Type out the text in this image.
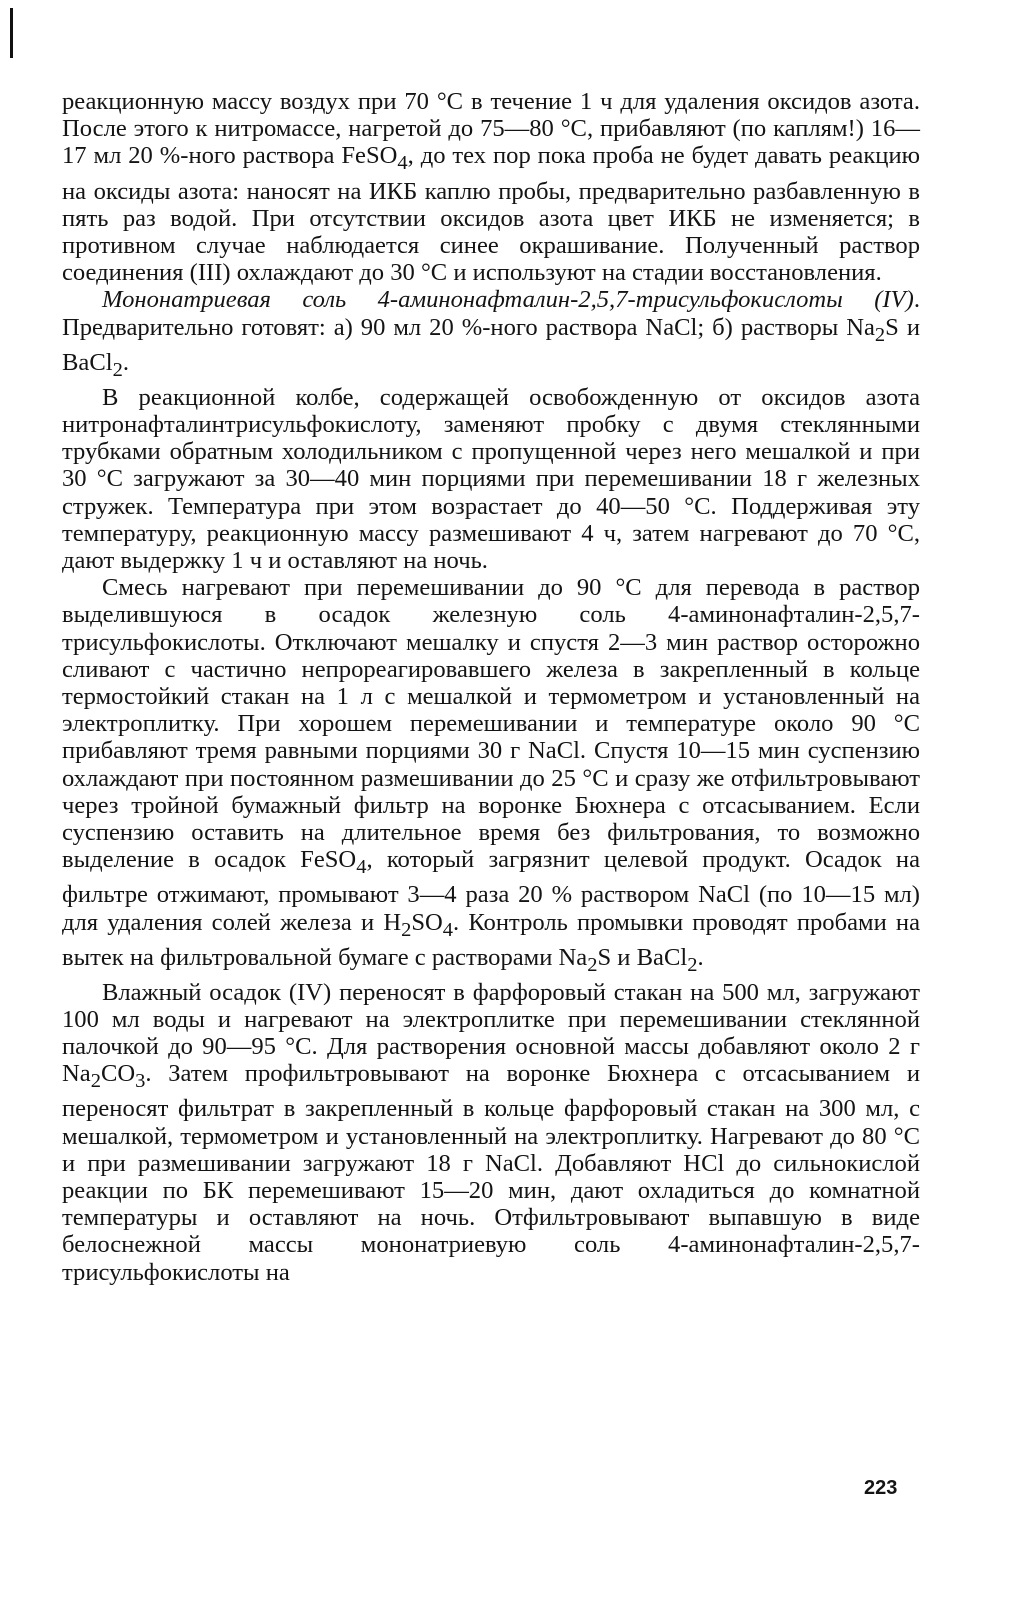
реакционную массу воздух при 70 °C в течение 1 ч для удаления оксидов азота. После этого к нитромассе, нагретой до 75—80 °C, прибавляют (по каплям!) 16—17 мл 20 %-ного раствора FeSO$_4$, до тех пор пока проба не будет давать реакцию на оксиды азота: наносят на ИКБ каплю пробы, предварительно разбавленную в пять раз водой. При отсутствии оксидов азота цвет ИКБ не изменяется; в противном случае наблюдается синее окрашивание. Полученный раствор соединения (III) охлаждают до 30 °C и используют на стадии восстановления.

Мононатриевая соль 4-аминонафталин-2,5,7-трисульфокислоты (IV). Предварительно готовят: а) 90 мл 20 %-ного раствора NaCl; б) растворы $Na_2S$ и BaCl$_2$.

В реакционной колбе, содержащей освобожденную от оксидов азота нитронафталинтрисульфокислоту, заменяют пробку с двумя стеклянными трубками обратным холодильником с пропущенной через него мешалкой и при 30 °C загружают за 30—40 мин порциями при перемешивании 18 г железных стружек. Температура при этом возрастает до 40—50 °C. Поддерживая эту температуру, реакционную массу размешивают 4 ч, затем нагревают до 70 °C, дают выдержку 1 ч и оставляют на ночь.

Смесь нагревают при перемешивании до 90 °C для перевода в раствор выделившуюся в осадок железную соль 4-аминонафталин-2,5,7-трисульфокислоты. Отключают мешалку и спустя 2—3 мин раствор осторожно сливают с частично непрореагировавшего железа в закрепленный в кольце термостойкий стакан на 1 л с мешалкой и термометром и установленный на электроплитку. При хорошем перемешивании и температуре около 90 °C прибавляют тремя равными порциями 30 г NaCl. Спустя 10—15 мин суспензию охлаждают при постоянном размешивании до 25 °C и сразу же отфильтровывают через тройной бумажный фильтр на воронке Бюхнера с отсасыванием. Если суспензию оставить на длительное время без фильтрования, то возможно выделение в осадок FeSO$_4$, который загрязнит целевой продукт. Осадок на фильтре отжимают, промывают 3—4 раза 20 % раствором NaCl (по 10—15 мл) для удаления солей железа и $H_2SO_4$. Контроль промывки проводят пробами на вытек на фильтровальной бумаге с растворами $Na_2S$ и BaCl$_2$.

Влажный осадок (IV) переносят в фарфоровый стакан на 500 мл, загружают 100 мл воды и нагревают на электроплитке при перемешивании стеклянной палочкой до 90—95 °C. Для растворения основной массы добавляют около 2 г $Na_2CO_3$. Затем профильтровывают на воронке Бюхнера с отсасыванием и переносят фильтрат в закрепленный в кольце фарфоровый стакан на 300 мл, с мешалкой, термометром и установленный на электроплитку. Нагревают до 80 °C и при размешивании загружают 18 г NaCl. Добавляют HCl до сильнокислой реакции по БК перемешивают 15—20 мин, дают охладиться до комнатной температуры и оставляют на ночь. Отфильтровывают выпавшую в виде белоснежной массы мононатриевую соль 4-аминонафталин-2,5,7-трисульфокислоты на

223
